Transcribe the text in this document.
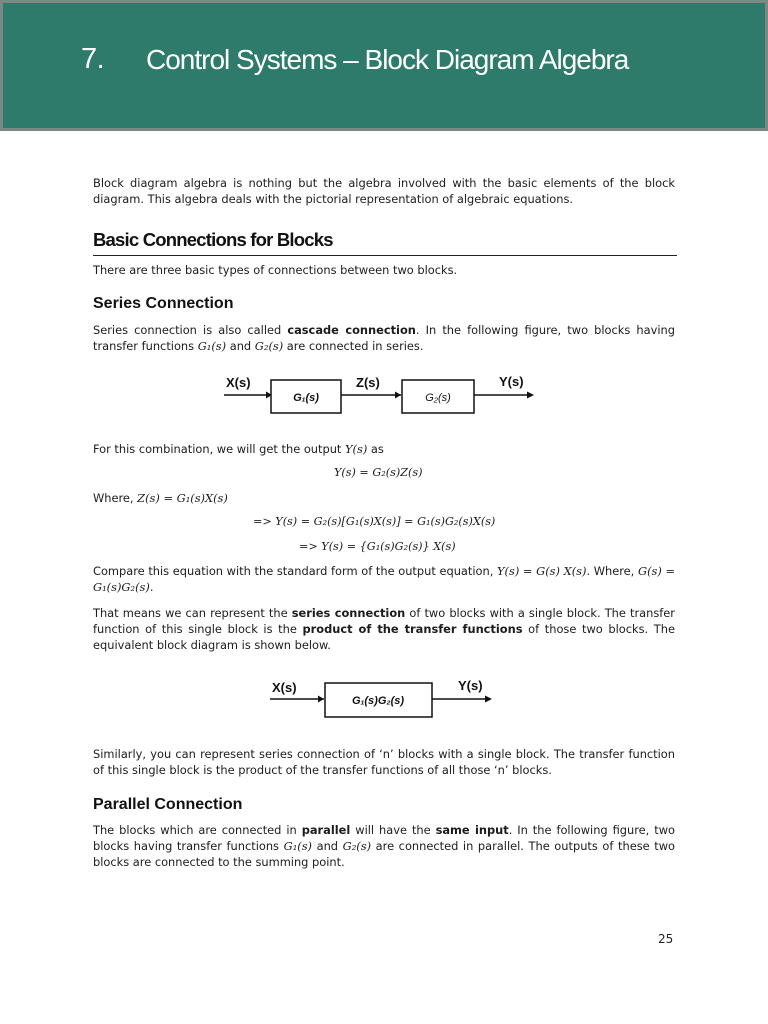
7. Control Systems – Block Diagram Algebra

Block diagram algebra is nothing but the algebra involved with the basic elements of the block diagram. This algebra deals with the pictorial representation of algebraic equations.

Basic Connections for Blocks

There are three basic types of connections between two blocks.

Series Connection

Series connection is also called cascade connection. In the following figure, two blocks having transfer functions G₁(s) and G₂(s) are connected in series.

X(s)
G₁(s)
Z(s)
G₂(s)
Y(s)

For this combination, we will get the output Y(s) as

Y(s) = G₂(s)Z(s)

Where, Z(s) = G₁(s)X(s)

=> Y(s) = G₂(s)[G₁(s)X(s)] = G₁(s)G₂(s)X(s)
=> Y(s) = {G₁(s)G₂(s)} X(s)

Compare this equation with the standard form of the output equation, Y(s) = G(s) X(s). Where, G(s) = G₁(s)G₂(s).

That means we can represent the series connection of two blocks with a single block. The transfer function of this single block is the product of the transfer functions of those two blocks. The equivalent block diagram is shown below.

X(s)
G₁(s)G₂(s)
Y(s)

Similarly, you can represent series connection of ‘n’ blocks with a single block. The transfer function of this single block is the product of the transfer functions of all those ‘n’ blocks.

Parallel Connection

The blocks which are connected in parallel will have the same input. In the following figure, two blocks having transfer functions G₁(s) and G₂(s) are connected in parallel. The outputs of these two blocks are connected to the summing point.

25
